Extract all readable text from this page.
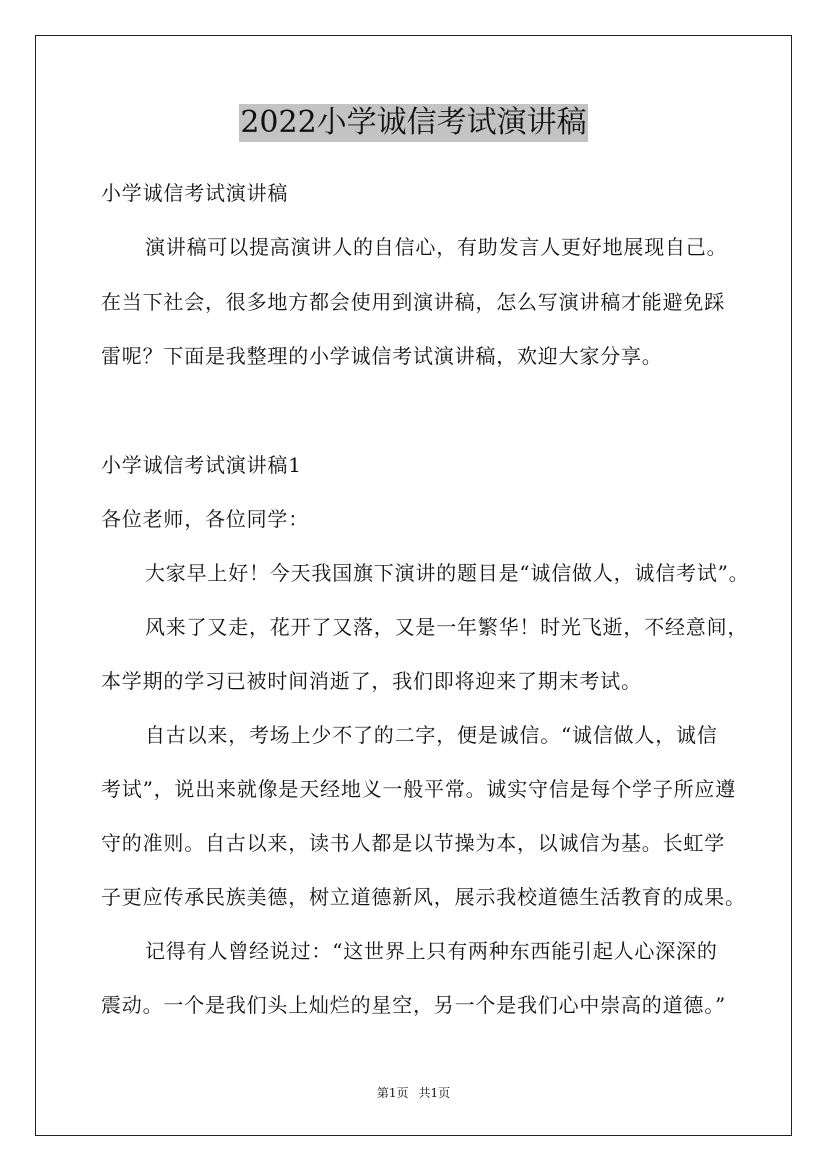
2022小学诚信考试演讲稿
小学诚信考试演讲稿
演讲稿可以提高演讲人的自信心，有助发言人更好地展现自己。
在当下社会，很多地方都会使用到演讲稿，怎么写演讲稿才能避免踩
雷呢？下面是我整理的小学诚信考试演讲稿，欢迎大家分享。
小学诚信考试演讲稿1
各位老师，各位同学：
大家早上好！今天我国旗下演讲的题目是“诚信做人，诚信考试”。
风来了又走，花开了又落，又是一年繁华！时光飞逝，不经意间，
本学期的学习已被时间消逝了，我们即将迎来了期末考试。
自古以来，考场上少不了的二字，便是诚信。“诚信做人，诚信
考试”，说出来就像是天经地义一般平常。诚实守信是每个学子所应遵
守的准则。自古以来，读书人都是以节操为本，以诚信为基。长虹学
子更应传承民族美德，树立道德新风，展示我校道德生活教育的成果。
记得有人曾经说过：“这世界上只有两种东西能引起人心深深的
震动。一个是我们头上灿烂的星空，另一个是我们心中崇高的道德。”
第1页 共1页
